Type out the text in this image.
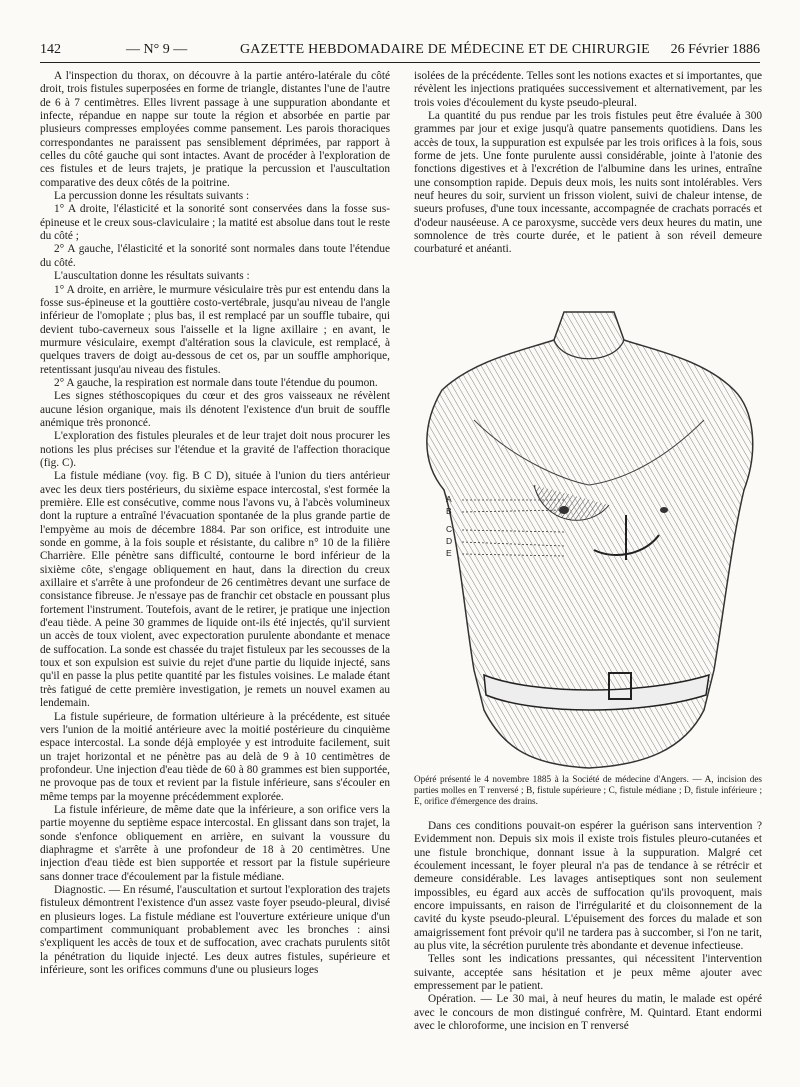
142	— N° 9 —	GAZETTE HEBDOMADAIRE DE MÉDECINE ET DE CHIRURGIE 26 Février 1886

A l'inspection du thorax, on découvre à la partie antéro-latérale du côté droit, trois fistules superposées en forme de triangle, distantes l'une de l'autre de 6 à 7 centimètres. Elles livrent passage à une suppuration abondante et infecte, répandue en nappe sur toute la région et absorbée en partie par plusieurs compresses employées comme pansement. Les parois thoraciques correspondantes ne paraissent pas sensiblement déprimées, par rapport à celles du côté gauche qui sont intactes. Avant de procéder à l'exploration de ces fistules et de leurs trajets, je pratique la percussion et l'auscultation comparative des deux côtés de la poitrine.

La percussion donne les résultats suivants :

1° A droite, l'élasticité et la sonorité sont conservées dans la fosse sus-épineuse et le creux sous-claviculaire ; la matité est absolue dans tout le reste du côté ;

2° A gauche, l'élasticité et la sonorité sont normales dans toute l'étendue du côté.

L'auscultation donne les résultats suivants :

1° A droite, en arrière, le murmure vésiculaire très pur est entendu dans la fosse sus-épineuse et la gouttière costo-vertébrale, jusqu'au niveau de l'angle inférieur de l'omoplate ; plus bas, il est remplacé par un souffle tubaire, qui devient tubo-caverneux sous l'aisselle et la ligne axillaire ; en avant, le murmure vésiculaire, exempt d'altération sous la clavicule, est remplacé, à quelques travers de doigt au-dessous de cet os, par un souffle amphorique, retentissant jusqu'au niveau des fistules.

2° A gauche, la respiration est normale dans toute l'étendue du poumon.

Les signes stéthoscopiques du cœur et des gros vaisseaux ne révèlent aucune lésion organique, mais ils dénotent l'existence d'un bruit de souffle anémique très prononcé.

L'exploration des fistules pleurales et de leur trajet doit nous procurer les notions les plus précises sur l'étendue et la gravité de l'affection thoracique (fig. C).

La fistule médiane (voy. fig. B C D), située à l'union du tiers antérieur avec les deux tiers postérieurs, du sixième espace intercostal, s'est formée la première. Elle est consécutive, comme nous l'avons vu, à l'abcès volumineux dont la rupture a entraîné l'évacuation spontanée de la plus grande partie de l'empyème au mois de décembre 1884. Par son orifice, est introduite une sonde en gomme, à la fois souple et résistante, du calibre n° 10 de la filière Charrière. Elle pénètre sans difficulté, contourne le bord inférieur de la sixième côte, s'engage obliquement en haut, dans la direction du creux axillaire et s'arrête à une profondeur de 26 centimètres devant une surface de consistance fibreuse. Je n'essaye pas de franchir cet obstacle en poussant plus fortement l'instrument. Toutefois, avant de le retirer, je pratique une injection d'eau tiède. A peine 30 grammes de liquide ont-ils été injectés, qu'il survient un accès de toux violent, avec expectoration purulente abondante et menace de suffocation. La sonde est chassée du trajet fistuleux par les secousses de la toux et son expulsion est suivie du rejet d'une partie du liquide injecté, sans qu'il en passe la plus petite quantité par les fistules voisines. Le malade étant très fatigué de cette première investigation, je remets un nouvel examen au lendemain.

La fistule supérieure, de formation ultérieure à la précédente, est située vers l'union de la moitié antérieure avec la moitié postérieure du cinquième espace intercostal. La sonde déjà employée y est introduite facilement, suit un trajet horizontal et ne pénètre pas au delà de 9 à 10 centimètres de profondeur. Une injection d'eau tiède de 60 à 80 grammes est bien supportée, ne provoque pas de toux et revient par la fistule inférieure, sans s'écouler en même temps par la moyenne précédemment explorée.

La fistule inférieure, de même date que la inférieure, a son orifice vers la partie moyenne du septième espace intercostal. En glissant dans son trajet, la sonde s'enfonce obliquement en arrière, en suivant la voussure du diaphragme et s'arrête à une profondeur de 18 à 20 centimètres. Une injection d'eau tiède est bien supportée et ressort par la fistule supérieure sans donner trace d'écoulement par la fistule médiane.

Diagnostic. — En résumé, l'auscultation et surtout l'exploration des trajets fistuleux démontrent l'existence d'un assez vaste foyer pseudo-pleural, divisé en plusieurs loges. La fistule médiane est l'ouverture extérieure unique d'un compartiment communiquant probablement avec les bronches : ainsi s'expliquent les accès de toux et de suffocation, avec crachats purulents sitôt la pénétration du liquide injecté. Les deux autres fistules, supérieure et inférieure, sont les orifices communs d'une ou plusieurs loges

isolées de la précédente. Telles sont les notions exactes et si importantes, que révèlent les injections pratiquées successivement et alternativement, par les trois voies d'écoulement du kyste pseudo-pleural.

La quantité du pus rendue par les trois fistules peut être évaluée à 300 grammes par jour et exige jusqu'à quatre pansements quotidiens. Dans les accès de toux, la suppuration est expulsée par les trois orifices à la fois, sous forme de jets. Une fonte purulente aussi considérable, jointe à l'atonie des fonctions digestives et à l'excrétion de l'albumine dans les urines, entraîne une consomption rapide. Depuis deux mois, les nuits sont intolérables. Vers neuf heures du soir, survient un frisson violent, suivi de chaleur intense, de sueurs profuses, d'une toux incessante, accompagnée de crachats porracés et d'odeur nauséeuse. A ce paroxysme, succède vers deux heures du matin, une somnolence de très courte durée, et le patient à son réveil demeure courbaturé et anéanti.

A
B
C
D
E
Opéré présenté le 4 novembre 1885 à la Société de médecine d'Angers. — A, incision des parties molles en T renversé ; B, fistule supérieure ; C, fistule médiane ; D, fistule inférieure ; E, orifice d'émergence des drains.

Dans ces conditions pouvait-on espérer la guérison sans intervention ? Evidemment non. Depuis six mois il existe trois fistules pleuro-cutanées et une fistule bronchique, donnant issue à la suppuration. Malgré cet écoulement incessant, le foyer pleural n'a pas de tendance à se rétrécir et demeure considérable. Les lavages antiseptiques sont non seulement impossibles, eu égard aux accès de suffocation qu'ils provoquent, mais encore impuissants, en raison de l'irrégularité et du cloisonnement de la cavité du kyste pseudo-pleural. L'épuisement des forces du malade et son amaigrissement font prévoir qu'il ne tardera pas à succomber, si l'on ne tarit, au plus vite, la sécrétion purulente très abondante et devenue infectieuse.

Telles sont les indications pressantes, qui nécessitent l'intervention suivante, acceptée sans hésitation et je peux même ajouter avec empressement par le patient.

Opération. — Le 30 mai, à neuf heures du matin, le malade est opéré avec le concours de mon distingué confrère, M. Quintard. Etant endormi avec le chloroforme, une incision en T renversé
